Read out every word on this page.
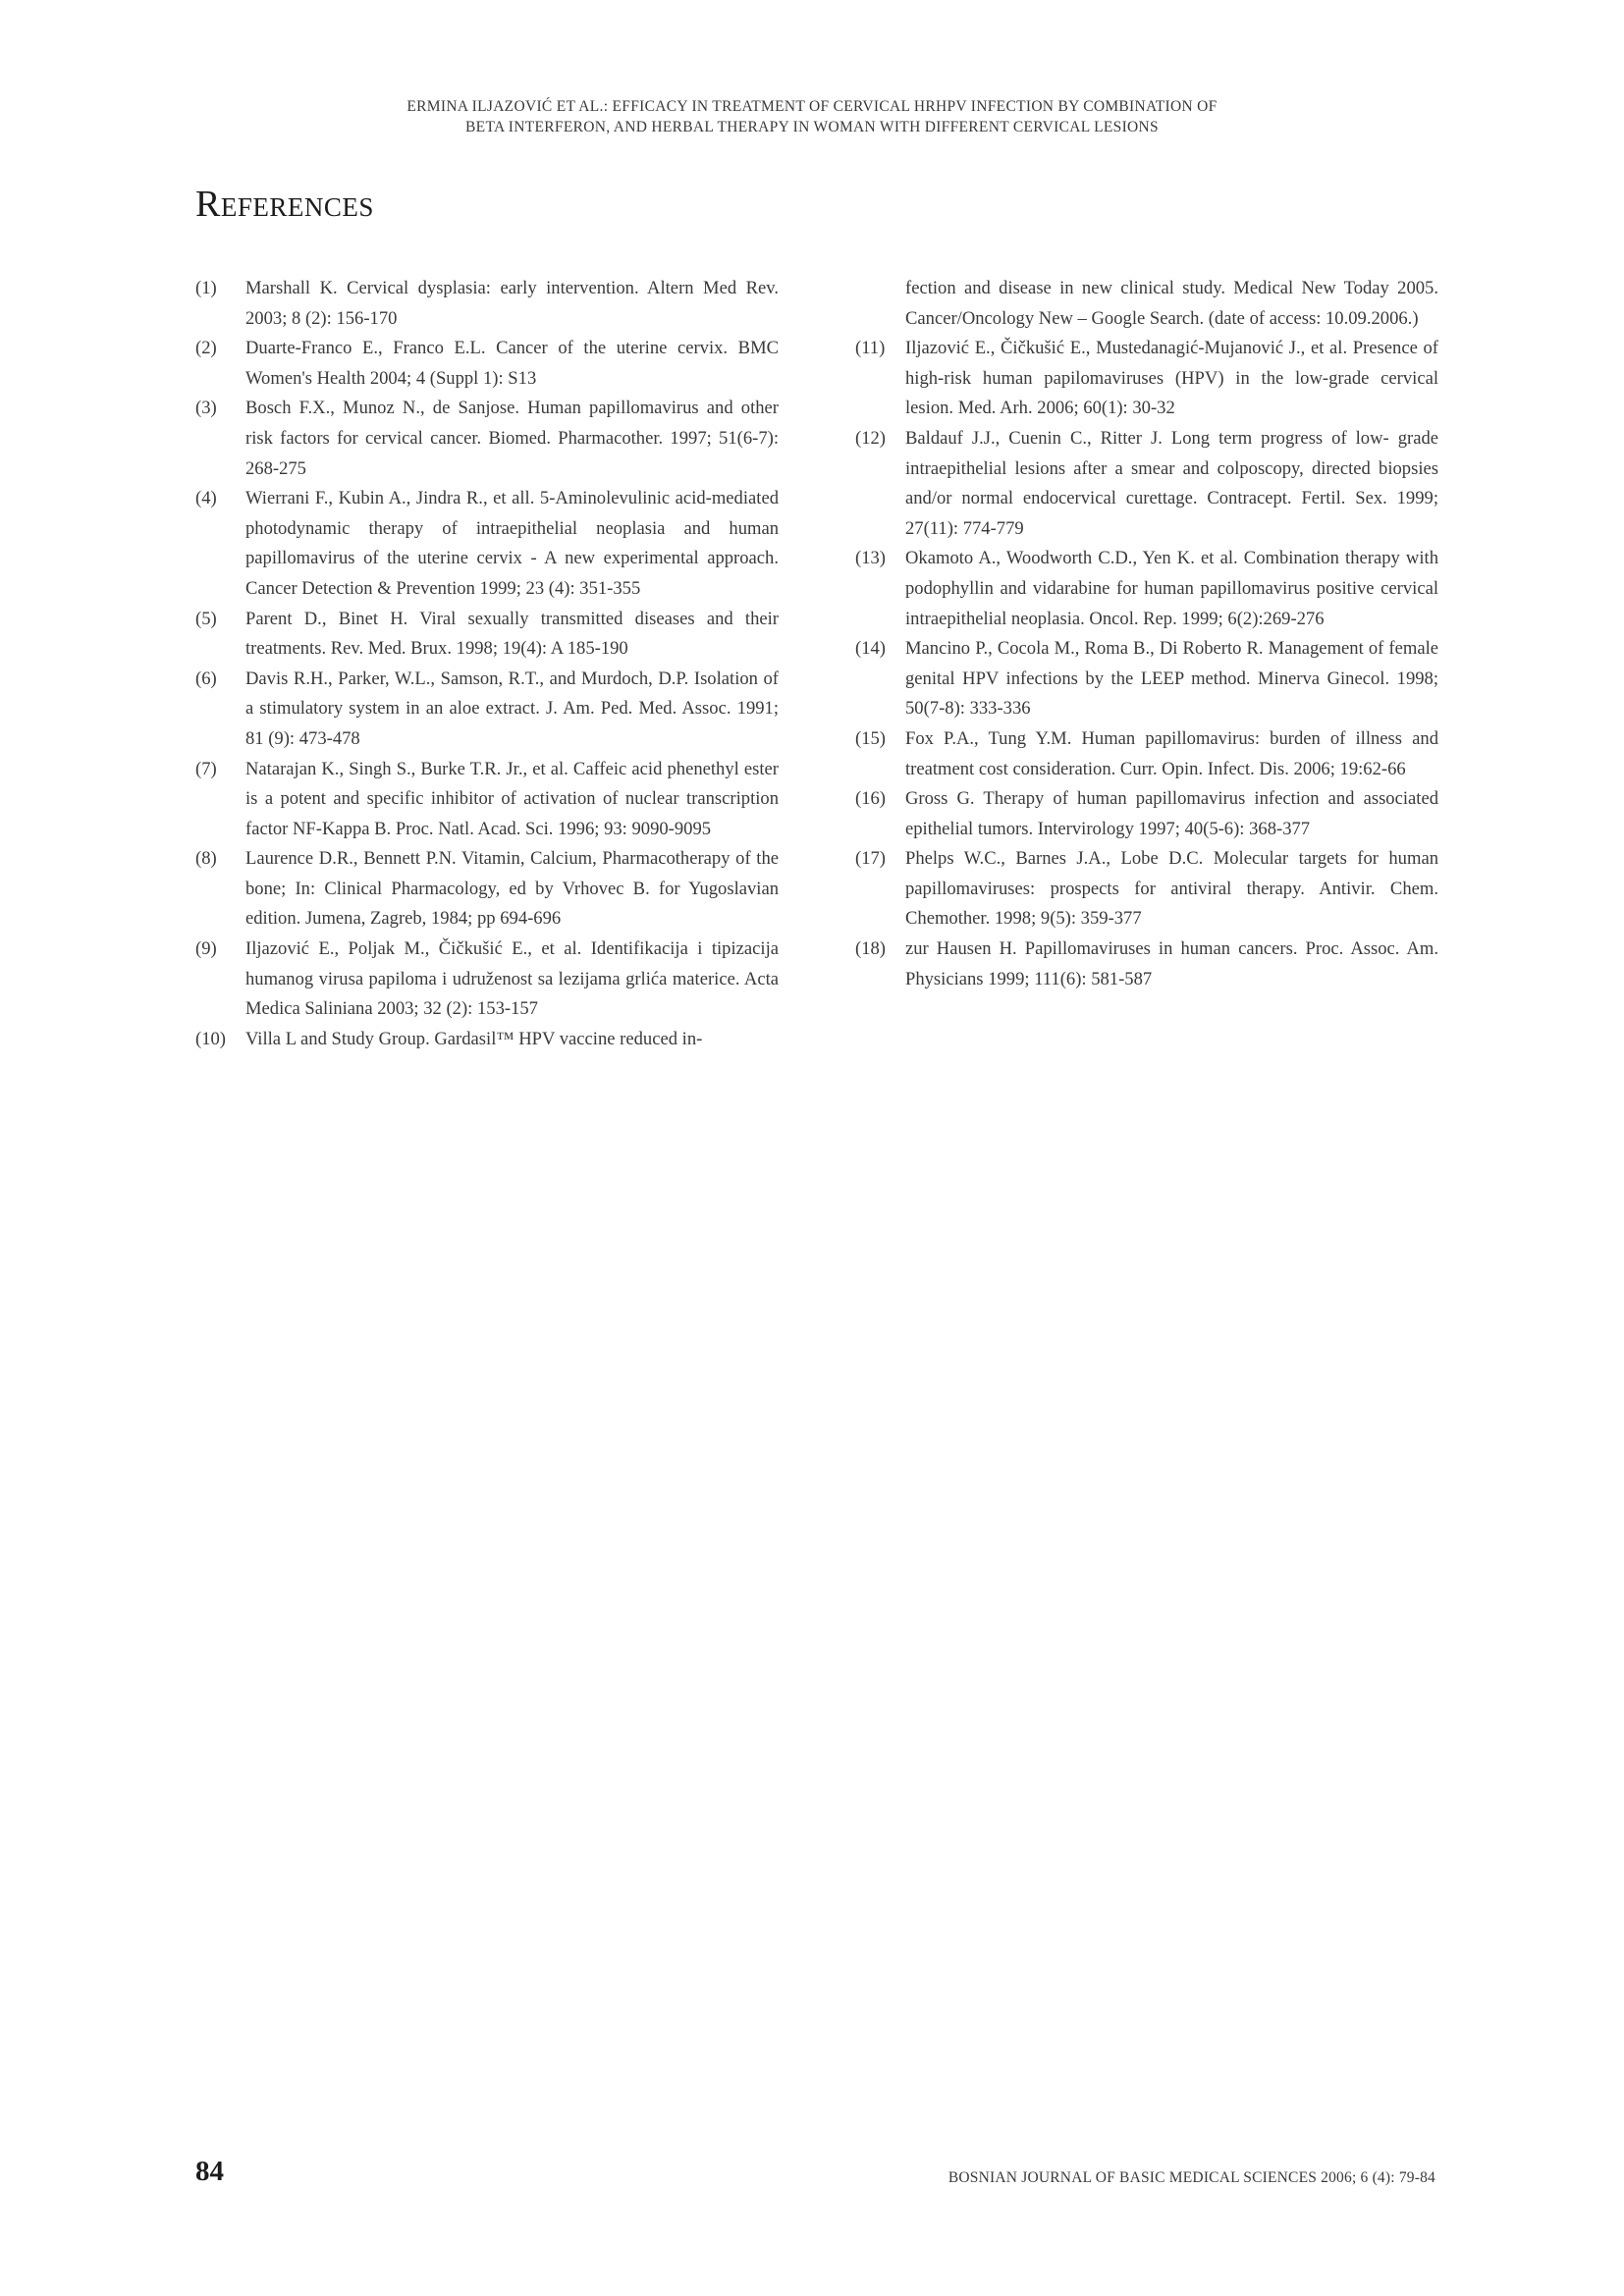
ERMINA ILJAZOVIĆ ET AL.: EFFICACY IN TREATMENT OF CERVICAL HRHPV INFECTION BY COMBINATION OF
BETA INTERFERON, AND HERBAL THERAPY IN WOMAN WITH DIFFERENT CERVICAL LESIONS
References
(1) Marshall K. Cervical dysplasia: early intervention. Altern Med Rev. 2003; 8 (2): 156-170
(2) Duarte-Franco E., Franco E.L. Cancer of the uterine cervix. BMC Women's Health 2004; 4 (Suppl 1): S13
(3) Bosch F.X., Munoz N., de Sanjose. Human papillomavirus and other risk factors for cervical cancer. Biomed. Pharmacother. 1997; 51(6-7): 268-275
(4) Wierrani F., Kubin A., Jindra R., et all. 5-Aminolevulinic acid-mediated photodynamic therapy of intraepithelial neoplasia and human papillomavirus of the uterine cervix - A new experimental approach. Cancer Detection & Prevention 1999; 23 (4): 351-355
(5) Parent D., Binet H. Viral sexually transmitted diseases and their treatments. Rev. Med. Brux. 1998; 19(4): A 185-190
(6) Davis R.H., Parker, W.L., Samson, R.T., and Murdoch, D.P. Isolation of a stimulatory system in an aloe extract. J. Am. Ped. Med. Assoc. 1991; 81 (9): 473-478
(7) Natarajan K., Singh S., Burke T.R. Jr., et al. Caffeic acid phenethyl ester is a potent and specific inhibitor of activation of nuclear transcription factor NF-Kappa B. Proc. Natl. Acad. Sci. 1996; 93: 9090-9095
(8) Laurence D.R., Bennett P.N. Vitamin, Calcium, Pharmacotherapy of the bone; In: Clinical Pharmacology, ed by Vrhovec B. for Yugoslavian edition. Jumena, Zagreb, 1984; pp 694-696
(9) Iljazović E., Poljak M., Čičkušić E., et al. Identifikacija i tipizacija humanog virusa papiloma i udruženost sa lezijama grlića materice. Acta Medica Saliniana 2003; 32 (2): 153-157
(10) Villa L and Study Group. Gardasil™ HPV vaccine reduced in-
fection and disease in new clinical study. Medical New Today 2005. Cancer/Oncology New – Google Search. (date of access: 10.09.2006.)
(11) Iljazović E., Čičkušić E., Mustedanagić-Mujanović J., et al. Presence of high-risk human papilomaviruses (HPV) in the low-grade cervical lesion. Med. Arh. 2006; 60(1): 30-32
(12) Baldauf J.J., Cuenin C., Ritter J. Long term progress of low- grade intraepithelial lesions after a smear and colposcopy, directed biopsies and/or normal endocervical curettage. Contracept. Fertil. Sex. 1999; 27(11): 774-779
(13) Okamoto A., Woodworth C.D., Yen K. et al. Combination therapy with podophyllin and vidarabine for human papillomavirus positive cervical intraepithelial neoplasia. Oncol. Rep. 1999; 6(2):269-276
(14) Mancino P., Cocola M., Roma B., Di Roberto R. Management of female genital HPV infections by the LEEP method. Minerva Ginecol. 1998; 50(7-8): 333-336
(15) Fox P.A., Tung Y.M. Human papillomavirus: burden of illness and treatment cost consideration. Curr. Opin. Infect. Dis. 2006; 19:62-66
(16) Gross G. Therapy of human papillomavirus infection and associated epithelial tumors. Intervirology 1997; 40(5-6): 368-377
(17) Phelps W.C., Barnes J.A., Lobe D.C. Molecular targets for human papillomaviruses: prospects for antiviral therapy. Antivir. Chem. Chemother. 1998; 9(5): 359-377
(18) zur Hausen H. Papillomaviruses in human cancers. Proc. Assoc. Am. Physicians 1999; 111(6): 581-587
84	BOSNIAN JOURNAL OF BASIC MEDICAL SCIENCES 2006; 6 (4): 79-84
